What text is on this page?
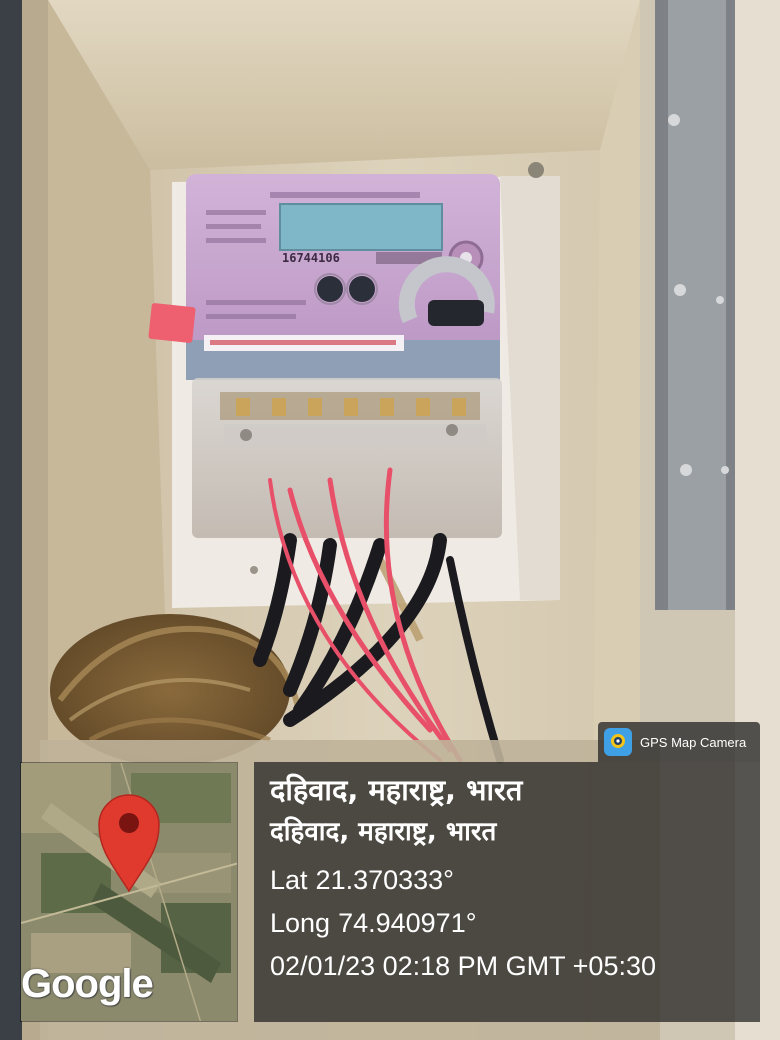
16744106
GPS Map Camera
Google
दहिवाद, महाराष्ट्र, भारत
दहिवाद, महाराष्ट्र, भारत
Lat 21.370333°
Long 74.940971°
02/01/23 02:18 PM GMT +05:30
